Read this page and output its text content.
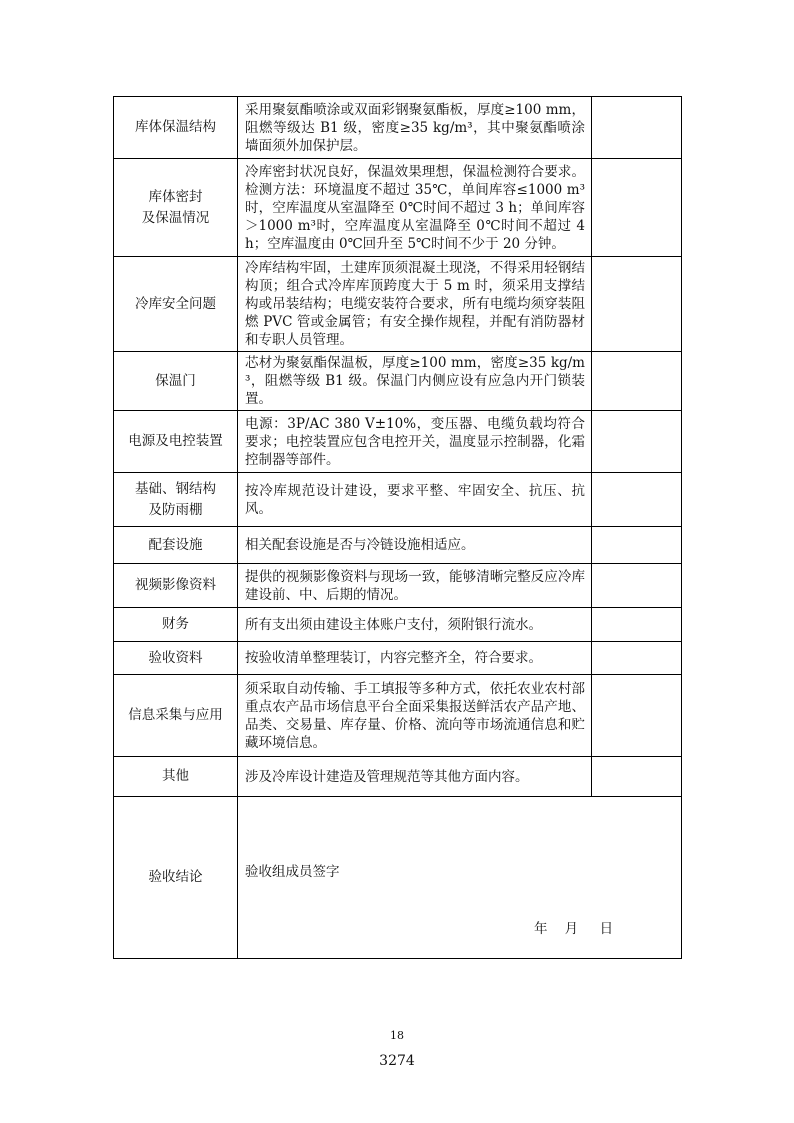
库体保温结构	采用聚氨酯喷涂或双面彩钢聚氨酯板，厚度≥100 mm，阻燃等级达 B1 级，密度≥35 kg/m³，其中聚氨酯喷涂墙面须外加保护层。	

库体密封
及保温情况	冷库密封状况良好，保温效果理想，保温检测符合要求。检测方法：环境温度不超过 35℃，单间库容≤1000 m³时，空库温度从室温降至 0℃时间不超过 3 h；单间库容＞1000 m³时，空库温度从室温降至 0℃时间不超过 4h；空库温度由 0℃回升至 5℃时间不少于 20 分钟。	

冷库安全问题	冷库结构牢固，土建库顶须混凝土现浇，不得采用轻钢结构顶；组合式冷库库顶跨度大于 5 m 时，须采用支撑结构或吊装结构；电缆安装符合要求，所有电缆均须穿装阻燃 PVC 管或金属管；有安全操作规程，并配有消防器材和专职人员管理。	

保温门	芯材为聚氨酯保温板，厚度≥100 mm，密度≥35 kg/m³，阻燃等级 B1 级。保温门内侧应设有应急内开门锁装置。	

电源及电控装置	电源：3P/AC 380 V±10%，变压器、电缆负载均符合要求；电控装置应包含电控开关，温度显示控制器，化霜控制器等部件。	

基础、钢结构
及防雨棚	按冷库规范设计建设，要求平整、牢固安全、抗压、抗风。	

配套设施	相关配套设施是否与冷链设施相适应。	

视频影像资料	提供的视频影像资料与现场一致，能够清晰完整反应冷库建设前、中、后期的情况。	

财务	所有支出须由建设主体账户支付，须附银行流水。	

验收资料	按验收清单整理装订，内容完整齐全，符合要求。	

信息采集与应用	须采取自动传输、手工填报等多种方式，依托农业农村部重点农产品市场信息平台全面采集报送鲜活农产品产地、品类、交易量、库存量、价格、流向等市场流通信息和贮藏环境信息。	

其他	涉及冷库设计建造及管理规范等其他方面内容。	
验收结论	验收组成员签字
年    月     日	
18
3274
